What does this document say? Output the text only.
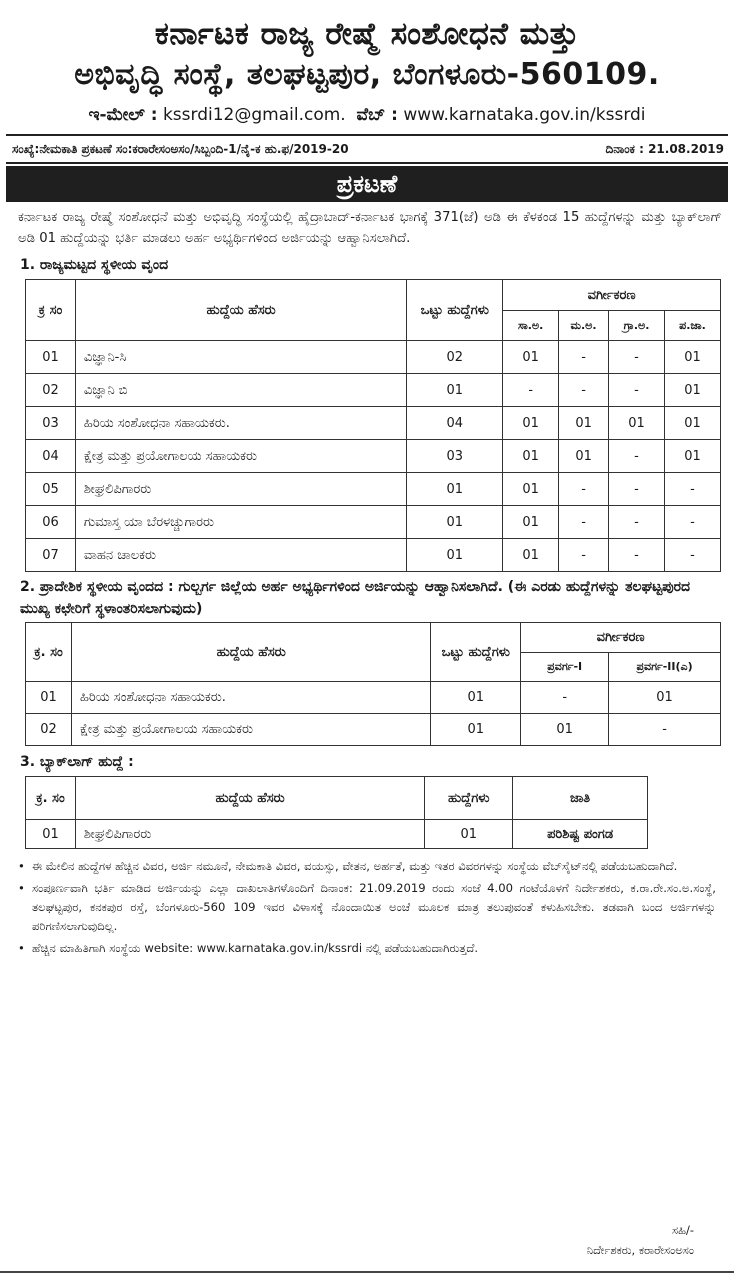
ಕರ್ನಾಟಕ ರಾಜ್ಯ ರೇಷ್ಮೆ ಸಂಶೋಧನೆ ಮತ್ತು
ಅಭಿವೃದ್ಧಿ ಸಂಸ್ಥೆ, ತಲಘಟ್ಟಪುರ, ಬೆಂಗಳೂರು-560109.
ಇ-ಮೇಲ್ : kssrdi12@gmail.com. ವೆಬ್ : www.karnataka.gov.in/kssrdi
ಸಂಖ್ಯೆ:ನೇಮಕಾತಿ ಪ್ರಕಟಣೆ ಸಂ:ಕರಾರೇಸಂಅಸಂ/ಸಿಬ್ಬಂದಿ-1/ನೈ-ಕ ಹು.ಫ/2019-20	ದಿನಾಂಕ : 21.08.2019
ಪ್ರಕಟಣೆ
ಕರ್ನಾಟಕ ರಾಜ್ಯ ರೇಷ್ಮೆ ಸಂಶೋಧನೆ ಮತ್ತು ಅಭಿವೃದ್ಧಿ ಸಂಸ್ಥೆಯಲ್ಲಿ ಹೈದ್ರಾಬಾದ್-ಕರ್ನಾಟಕ ಭಾಗಕ್ಕೆ 371(ಜೆ) ಅಡಿ ಈ ಕೆಳಕಂಡ 15 ಹುದ್ದೆಗಳನ್ನು ಮತ್ತು ಬ್ಯಾಕ್‌ಲಾಗ್ ಅಡಿ 01 ಹುದ್ದೆಯನ್ನು ಭರ್ತಿ ಮಾಡಲು ಅರ್ಹ ಅಭ್ಯರ್ಥಿಗಳಿಂದ ಅರ್ಜಿಯನ್ನು ಆಹ್ವಾನಿಸಲಾಗಿದೆ.
1. ರಾಜ್ಯಮಟ್ಟದ ಸ್ಥಳೀಯ ವೃಂದ
ಕ್ರ ಸಂ	ಹುದ್ದೆಯ ಹೆಸರು	ಒಟ್ಟು ಹುದ್ದೆಗಳು	ವರ್ಗೀಕರಣ			
			ಸಾ.ಅ.	ಮ.ಅ.	ಗ್ರಾ.ಅ.	ಪ.ಜಾ.
01	ವಿಜ್ಞಾನಿ-ಸಿ	02	01	-	-	01
02	ವಿಜ್ಞಾನಿ ಬಿ	01	-	-	-	01
03	ಹಿರಿಯ ಸಂಶೋಧನಾ ಸಹಾಯಕರು.	04	01	01	01	01
04	ಕ್ಷೇತ್ರ ಮತ್ತು ಪ್ರಯೋಗಾಲಯ ಸಹಾಯಕರು	03	01	01	-	01
05	ಶೀಘ್ರಲಿಪಿಗಾರರು	01	01	-	-	-
06	ಗುಮಾಸ್ತ ಯಾ ಬೆರಳಚ್ಚುಗಾರರು	01	01	-	-	-
07	ವಾಹನ ಚಾಲಕರು	01	01	-	-	-
2. ಪ್ರಾದೇಶಿಕ ಸ್ಥಳೀಯ ವೃಂದದ : ಗುಲ್ಬರ್ಗ ಜಿಲ್ಲೆಯ ಅರ್ಹ ಅಭ್ಯರ್ಥಿಗಳಿಂದ ಅರ್ಜಿಯನ್ನು ಆಹ್ವಾನಿಸಲಾಗಿದೆ. (ಈ ಎರಡು ಹುದ್ದೆಗಳನ್ನು ತಲಘಟ್ಟಪುರದ ಮುಖ್ಯ ಕಛೇರಿಗೆ ಸ್ಥಳಾಂತರಿಸಲಾಗುವುದು)
ಕ್ರ. ಸಂ	ಹುದ್ದೆಯ ಹೆಸರು	ಒಟ್ಟು ಹುದ್ದೆಗಳು	ವರ್ಗೀಕರಣ	
			ಪ್ರವರ್ಗ-I	ಪ್ರವರ್ಗ-II(ಎ)
01	ಹಿರಿಯ ಸಂಶೋಧನಾ ಸಹಾಯಕರು.	01	-	01
02	ಕ್ಷೇತ್ರ ಮತ್ತು ಪ್ರಯೋಗಾಲಯ ಸಹಾಯಕರು	01	01	-
3. ಬ್ಯಾಕ್‌ಲಾಗ್ ಹುದ್ದೆ :
ಕ್ರ. ಸಂ	ಹುದ್ದೆಯ ಹೆಸರು	ಹುದ್ದೆಗಳು	ಜಾತಿ
01	ಶೀಘ್ರಲಿಪಿಗಾರರು	01	ಪರಿಶಿಷ್ಟ ಪಂಗಡ
• ಈ ಮೇಲಿನ ಹುದ್ದೆಗಳ ಹೆಚ್ಚಿನ ವಿವರ, ಅರ್ಜಿ ನಮೂನೆ, ನೇಮಕಾತಿ ವಿವರ, ವಯಸ್ಸು, ವೇತನ, ಅರ್ಹತೆ, ಮತ್ತು ಇತರ ವಿವರಗಳನ್ನು ಸಂಸ್ಥೆಯ ವೆಬ್‌ಸೈಟ್‌ನಲ್ಲಿ ಪಡೆಯಬಹುದಾಗಿದೆ.
• ಸಂಪೂರ್ಣವಾಗಿ ಭರ್ತಿ ಮಾಡಿದ ಅರ್ಜಿಯನ್ನು ಎಲ್ಲಾ ದಾಖಲಾತಿಗಳೊಂದಿಗೆ ದಿನಾಂಕ: 21.09.2019 ರಂದು ಸಂಜೆ 4.00 ಗಂಟೆಯೊಳಗೆ ನಿರ್ದೇಶಕರು, ಕ.ರಾ.ರೇ.ಸಂ.ಅ.ಸಂಸ್ಥೆ, ತಲಘಟ್ಟಪುರ, ಕನಕಪುರ ರಸ್ತೆ, ಬೆಂಗಳೂರು-560 109 ಇವರ ವಿಳಾಸಕ್ಕೆ ನೊಂದಾಯಿತ ಅಂಚೆ ಮೂಲಕ ಮಾತ್ರ ತಲುಪುವಂತೆ ಕಳುಹಿಸಬೇಕು. ತಡವಾಗಿ ಬಂದ ಅರ್ಜಿಗಳನ್ನು ಪರಿಗಣಿಸಲಾಗುವುದಿಲ್ಲ.
• ಹೆಚ್ಚಿನ ಮಾಹಿತಿಗಾಗಿ ಸಂಸ್ಥೆಯ website: www.karnataka.gov.in/kssrdi ನಲ್ಲಿ ಪಡೆಯಬಹುದಾಗಿರುತ್ತದೆ.
ಸಹಿ/-
ನಿರ್ದೇಶಕರು, ಕರಾರೇಸಂಅಸಂ
